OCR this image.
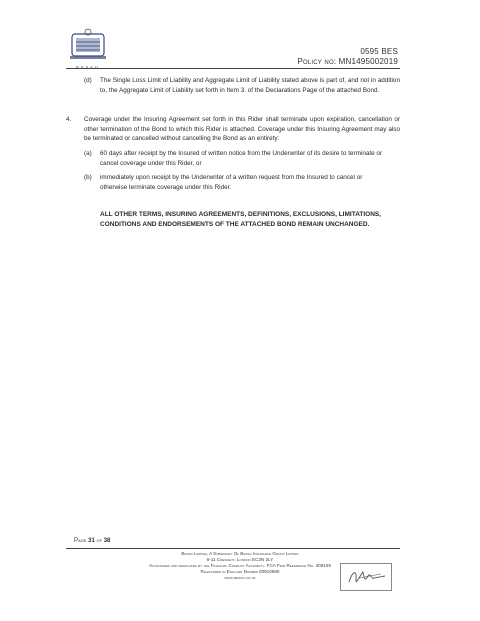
BESSO
0595 BES
Policy no: MN1495002019
(d) The Single Loss Limit of Liability and Aggregate Limit of Liability stated above is part of, and not in addition to, the Aggregate Limit of Liability set forth in Item 3. of the Declarations Page of the attached Bond.
4. Coverage under the Insuring Agreement set forth in this Rider shall terminate upon expiration, cancellation or other termination of the Bond to which this Rider is attached. Coverage under this Insuring Agreement may also be terminated or cancelled without cancelling the Bond as an entirety:
(a) 60 days after receipt by the Insured of written notice from the Underwriter of its desire to terminate or cancel coverage under this Rider, or
(b) immediately upon receipt by the Underwriter of a written request from the Insured to cancel or otherwise terminate coverage under this Rider.
ALL OTHER TERMS, INSURING AGREEMENTS, DEFINITIONS, EXCLUSIONS, LIMITATIONS, CONDITIONS AND ENDORSEMENTS OF THE ATTACHED BOND REMAIN UNCHANGED.
Page 31 of 38
Besso Limited, A Subsidiary Of Besso Insurance Group Limited
8-11 Crescent, London EC3N 2LY
Authorised and regulated by the Financial Conduct Authority. FCA Firm Reference No. 309159
Registered in England Number 00910880
www.besso.co.uk
